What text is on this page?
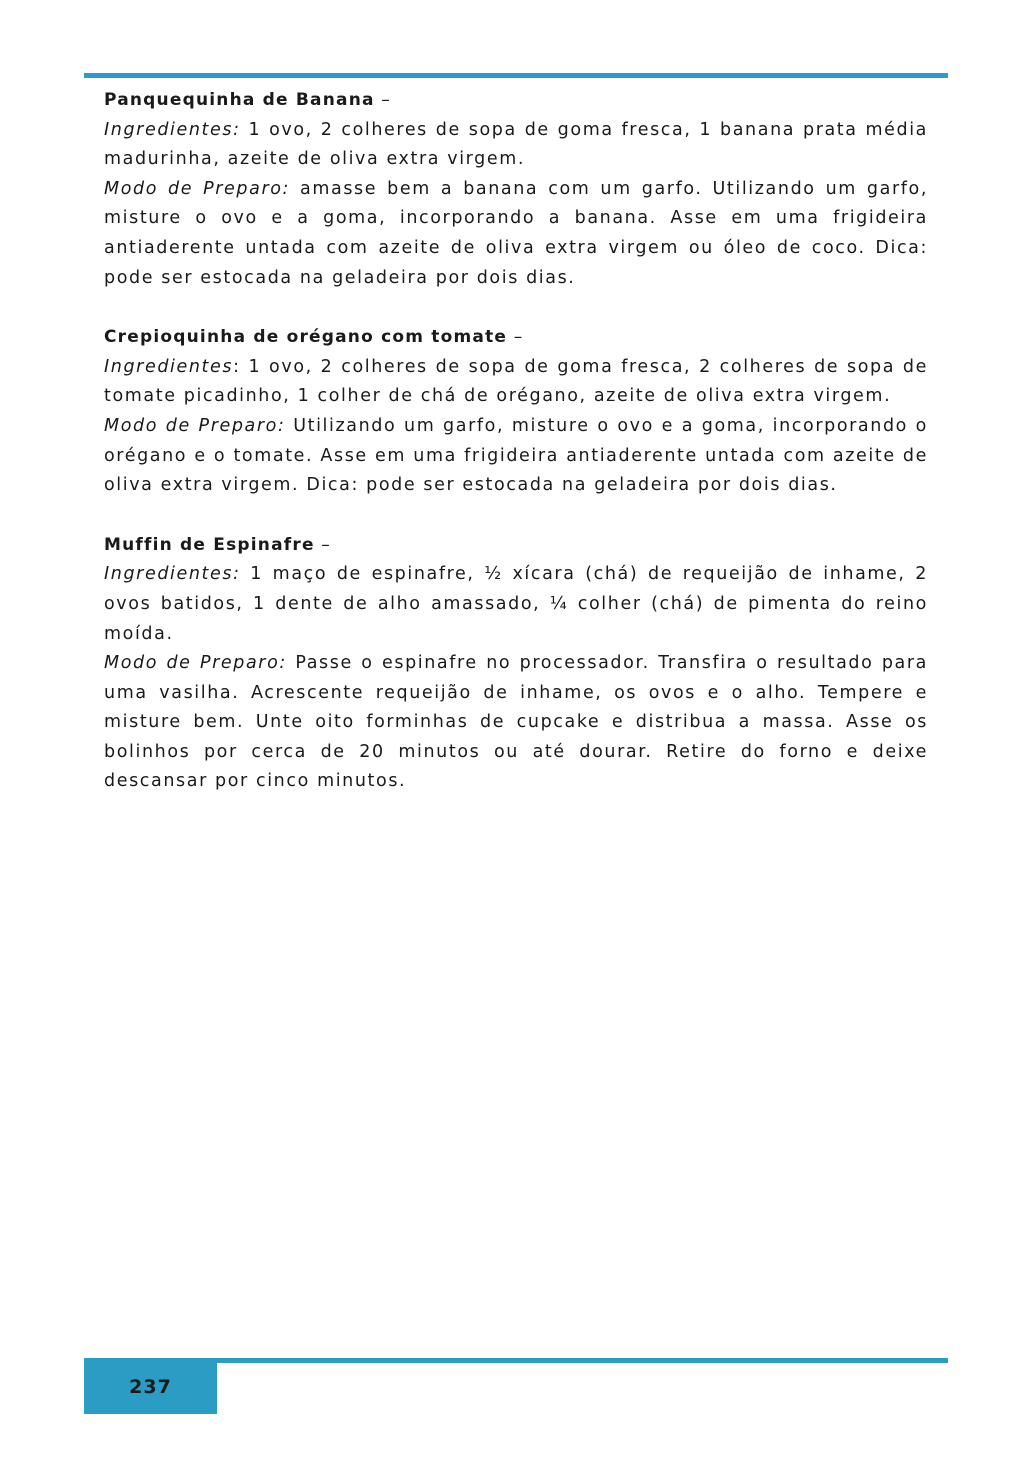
Panquequinha de Banana –

Ingredientes: 1 ovo, 2 colheres de sopa de goma fresca, 1 banana prata média madurinha, azeite de oliva extra virgem.

Modo de Preparo: amasse bem a banana com um garfo. Utilizando um garfo, misture o ovo e a goma, incorporando a banana. Asse em uma frigideira antiaderente untada com azeite de oliva extra virgem ou óleo de coco. Dica: pode ser estocada na geladeira por dois dias.

Crepioquinha de orégano com tomate –

Ingredientes: 1 ovo, 2 colheres de sopa de goma fresca, 2 colheres de sopa de tomate picadinho, 1 colher de chá de orégano, azeite de oliva extra virgem.

Modo de Preparo: Utilizando um garfo, misture o ovo e a goma, incorporando o orégano e o tomate. Asse em uma frigideira antiaderente untada com azeite de oliva extra virgem. Dica: pode ser estocada na geladeira por dois dias.

Muffin de Espinafre –

Ingredientes: 1 maço de espinafre, ½ xícara (chá) de requeijão de inhame, 2 ovos batidos, 1 dente de alho amassado, ¼ colher (chá) de pimenta do reino moída.

Modo de Preparo: Passe o espinafre no processador. Transfira o resultado para uma vasilha. Acrescente requeijão de inhame, os ovos e o alho. Tempere e misture bem. Unte oito forminhas de cupcake e distribua a massa. Asse os bolinhos por cerca de 20 minutos ou até dourar. Retire do forno e deixe descansar por cinco minutos.

237
